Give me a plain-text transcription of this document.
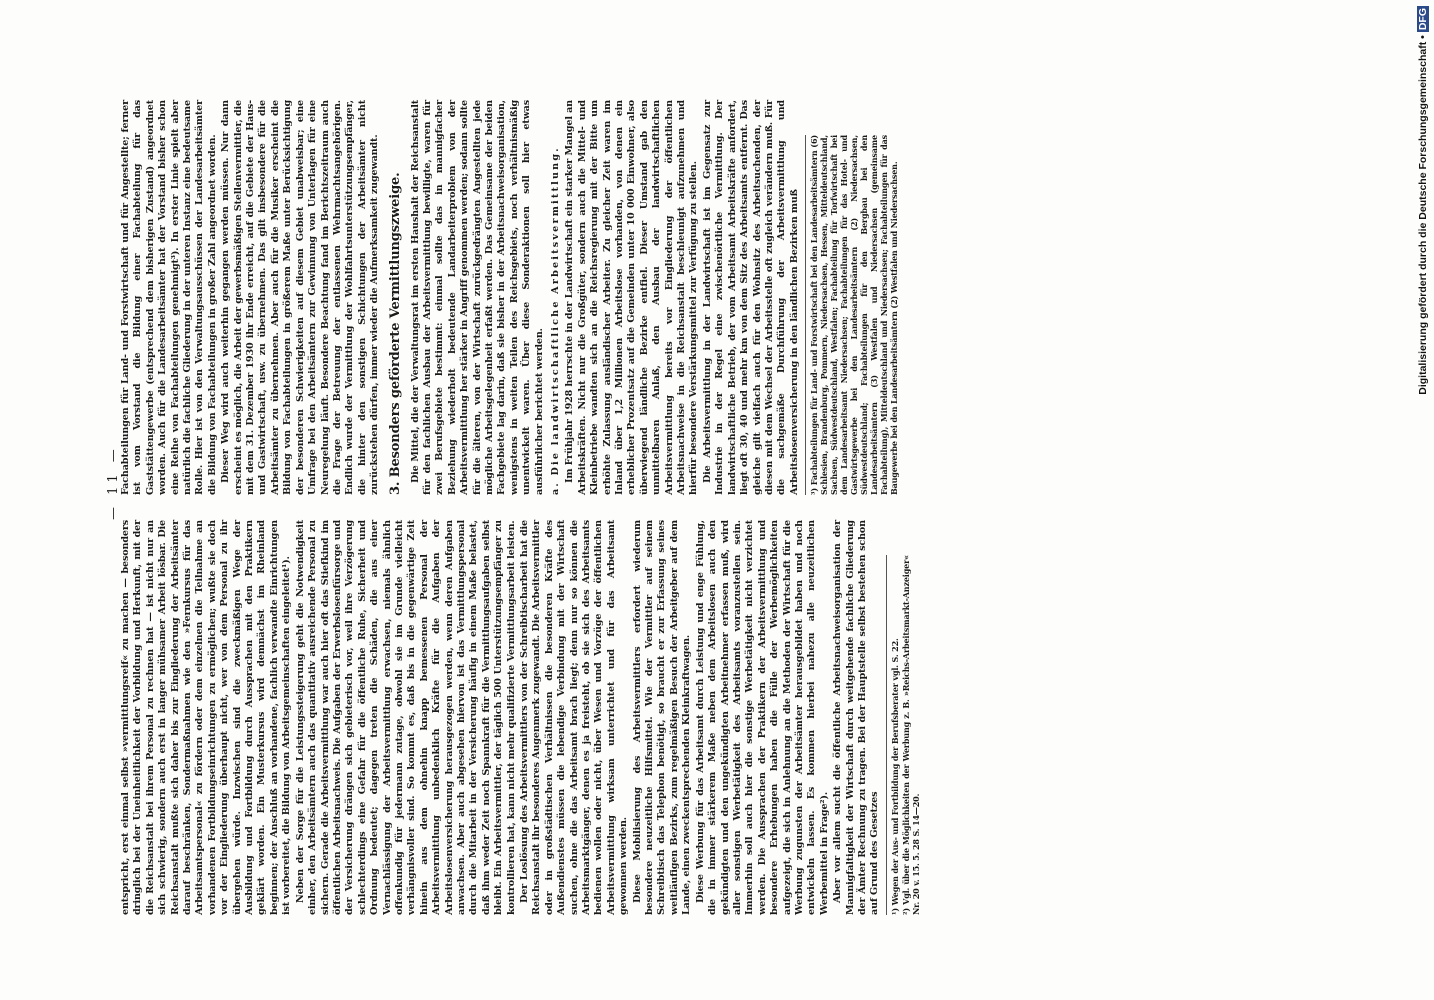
— 11 —

entspricht, erst einmal selbst »vermittlungsreif« zu machen — besonders dringlich bei der Uneinheitlichkeit der Vorbildung und Herkunft, mit der die Reichsanstalt bei ihrem Personal zu rechnen hat — ist nicht nur an sich schwierig, sondern auch erst in langer mühsamer Arbeit lösbar. Die Reichsanstalt mußte sich daher bis zur Eingliederung der Arbeitsämter darauf beschränken, Sondermaßnahmen wie den »Fernkursus für das Arbeitsamtspersonal« zu fördern oder dem einzelnen die Teilnahme an vorhandenen Fortbildungseinrichtungen zu ermöglichen; wußte sie doch vor der Eingliederung überhaupt nicht, wer von dem Personal zu ihr übergehen würde. Inzwischen sind die zweckmäßigen Wege der Ausbildung und Fortbildung durch Aussprachen mit den Praktikern geklärt worden. Ein Musterkursus wird demnächst im Rheinland beginnen; der Anschluß an vorhandene, fachlich verwandte Einrichtungen ist vorbereitet, die Bildung von Arbeitsgemeinschaften eingeleitet¹). Neben der Sorge für die Leistungssteigerung geht die Notwendigkeit einher, den Arbeitsämtern auch das quantitativ ausreichende Personal zu sichern. Gerade die Arbeitsvermittlung war auch hier oft das Stiefkind im öffentlichen Arbeitsnachweis. Die Aufgaben der Erwerbslosenfürsorge und der Versicherung drängen sich gebieterisch vor, weil ihre Verzögerung schlechterdings eine Gefahr für die öffentliche Ruhe, Sicherheit und Ordnung bedeutet; dagegen treten die Schäden, die aus einer Vernachlässigung der Arbeitsvermittlung erwachsen, niemals ähnlich offenkundig für jedermann zutage, obwohl sie im Grunde vielleicht verhängnisvoller sind. So kommt es, daß bis in die gegenwärtige Zeit hinein aus dem ohnehin knapp bemessenen Personal der Arbeitsvermittlung unbedenklich Kräfte für die Aufgaben der Arbeitslosenversicherung herausgezogen werden, wenn deren Aufgaben anwachsen. Aber auch abgesehen hiervon ist das Vermittlungspersonal durch die Mitarbeit in der Versicherung häufig in einem Maße belastet, daß ihm weder Zeit noch Spannkraft für die Vermittlungsaufgaben selbst bleibt. Ein Arbeitsvermittler, der täglich 500 Unterstützungsempfänger zu kontrollieren hat, kann nicht mehr qualifizierte Vermittlungsarbeit leisten. Der Loslösung des Arbeitsvermittlers von der Schreibtischarbeit hat die Reichsanstalt ihr besonderes Augenmerk zugewandt. Die Arbeitsvermittler oder in großstädtischen Verhältnissen die besonderen Kräfte des Außendienstes müssen die lebendige Verbindung mit der Wirtschaft suchen, ohne die das Arbeitsamt brach liegt; denn nur so können die Arbeitsmarktgänger, denen es ja freisteht, ob sie sich des Arbeitsamts bedienen wollen oder nicht, über Wesen und Vorzüge der öffentlichen Arbeitsvermittlung wirksam unterrichtet und für das Arbeitsamt gewonnen werden. Diese Mobilisierung des Arbeitsvermittlers erfordert wiederum besondere neuzeitliche Hilfsmittel. Wie der Vermittler auf seinem Schreibtisch das Telephon benötigt, so braucht er zur Erfassung seines weitläufigen Bezirks, zum regelmäßigen Besuch der Arbeitgeber auf dem Lande, einen zweckentsprechenden Kleinkraftwagen. Diese Werbung für das Arbeitsamt durch Leistung und enge Fühlung, die in immer stärkerem Maße neben dem Arbeitslosen auch den gekündigten und den ungekündigten Arbeitnehmer erfassen muß, wird aller sonstigen Werbetätigkeit des Arbeitsamts voranzustellen sein. Immerhin soll auch hier die sonstige Werbetätigkeit nicht verzichtet werden. Die Aussprachen der Praktikern der Arbeitsvermittlung und besondere Erhebungen haben die Fülle der Werbemöglichkeiten aufgezeigt, die sich in Anlehnung an die Methoden der Wirtschaft für die Werbung zugunsten der Arbeitsämter herausgebildet haben und noch entwickeln lassen. Es kommen hierbei nahezu alle neuzeitlichen Werbemittel in Frage²). Aber vor allem sucht die öffentliche Arbeitsnachweisorganisation der Mannigfaltigkeit der Wirtschaft durch weitgehende fachliche Gliederung der Ämter Rechnung zu tragen. Bei der Hauptstelle selbst bestehen schon auf Grund des Gesetzes ¹) Wegen der Aus- und Fortbildung der Berufsberater vgl. S. 22. ²) Vgl. über die Möglichkeiten der Werbung z. B. »Reichs-Arbeitsmarkt-Anzeiger« Nr. 20 v. 15. 5. 28 S. 14—20.

Fachabteilungen für Land- und Forstwirtschaft und für Angestellte; ferner ist vom Vorstand die Bildung einer Fachabteilung für das Gaststättengewerbe (entsprechend dem bisherigen Zustand) angeordnet worden. Auch für die Landesarbeitsämter hat der Vorstand bisher schon eine Reihe von Fachabteilungen genehmigt³). In erster Linie spielt aber natürlich die fachliche Gliederung in der unteren Instanz eine bedeutsame Rolle. Hier ist von den Verwaltungsausschüssen der Landesarbeitsämter die Bildung von Fachabteilungen in großer Zahl angeordnet worden. Dieser Weg wird auch weiterhin gegangen werden müssen. Nur dann erscheint es möglich, die Arbeit der gewerbsmäßigen Stellenvermittler, die mit dem 31. Dezember 1930 ihr Ende erreicht, auf die Gebiete der Haus- und Gastwirtschaft, usw. zu übernehmen. Das gilt insbesondere für die Arbeitsämter zu übernehmen. Aber auch für die Musiker erscheint die Bildung von Fachabteilungen in größerem Maße unter Berücksichtigung der besonderen Schwierigkeiten auf diesem Gebiet unabweisbar; eine Umfrage bei den Arbeitsämtern zur Gewinnung von Unterlagen für eine Neuregelung läuft. Besondere Beachtung fand im Berichtszeitraum auch die Frage der Betreuung der entlassenen Wehrmachtsangehörigen. Endlich wurde der Vermittlung der Wohlfahrtsunterstützungsempfänger, die hinter den sonstigen Schichtungen der Arbeitsämter nicht zurückstehen dürfen, immer wieder die Aufmerksamkeit zugewandt. 3. Besonders geförderte Vermittlungszweige. Die Mittel, die der Verwaltungsrat im ersten Haushalt der Reichsanstalt für den fachlichen Ausbau der Arbeitsvermittlung bewilligte, waren für zwei Berufsgebiete bestimmt: einmal sollte das in mannigfacher Beziehung wiederholt bedeutende Landarbeiterproblem von der Arbeitsvermittlung her stärker in Angriff genommen werden; sodann sollte für die älteren, von der Wirtschaft zurückgedrängten Angestellten jede mögliche Arbeitsgelegenheit erfaßt werden. Das Gemeinsame der beiden Fachgebiete lag darin, daß sie bisher in der Arbeitsnachweisorganisation, wenigstens in weiten Teilen des Reichsgebiets, noch verhältnismäßig unentwickelt waren. Über diese Sonderaktionen soll hier etwas ausführlicher berichtet werden. a. Die landwirtschaftliche Arbeitsvermittlung. Im Frühjahr 1928 herrschte in der Landwirtschaft ein starker Mangel an Arbeitskräften. Nicht nur die Großgüter, sondern auch die Mittel- und Kleinbetriebe wandten sich an die Reichsregierung mit der Bitte um erhöhte Zulassung ausländischer Arbeiter. Zu gleicher Zeit waren im Inland über 1,2 Millionen Arbeitslose vorhanden, von denen ein erheblicher Prozentsatz auf die Gemeinden unter 10 000 Einwohner, also überwiegend ländliche Bezirke entfiel. Dieser Umstand gab den unmittelbaren Anlaß, den Ausbau der landwirtschaftlichen Arbeitsvermittlung bereits vor Eingliederung der öffentlichen Arbeitsnachweise in die Reichsanstalt beschleunigt aufzunehmen und hierfür besondere Verstärkungsmittel zur Verfügung zu stellen. Die Arbeitsvermittlung in der Landwirtschaft ist im Gegensatz zur Industrie in der Regel eine zwischenörtliche Vermittlung. Der landwirtschaftliche Betrieb, der vom Arbeitsamt Arbeitskräfte anfordert, liegt oft 30, 40 und mehr km von dem Sitz des Arbeitsamts entfernt. Das gleiche gilt vielfach auch für den Wohnsitz des Arbeitsuchenden, der diesen mit dem Wechsel der Arbeitsstelle oft zugleich verändern muß. Für die sachgemäße Durchführung der Arbeitsvermittlung und Arbeitslosenversicherung in den ländlichen Bezirken muß ³) Fachabteilungen für Land- und Forstwirtschaft bei den Landesarbeitsämtern (6) Schlesien, Brandenburg, Pommern, Niedersachsen, Hessen, Mitteldeutschland, Sachsen, Südwestdeutschland, Westfalen; Fachabteilung für Torfwirtschaft bei dem Landesarbeitsamt Niedersachsen; Fachabteilungen für das Hotel- und Gastwirtsgewerbe bei den Landesarbeitsämtern (2) Niedersachsen, Südwestdeutschland; Fachabteilungen für den Bergbau bei den Landesarbeitsämtern (3) Westfalen und Niedersachsen (gemeinsame Fachabteilung), Mitteldeutschland und Niedersachsen; Fachabteilungen für das Baugewerbe bei den Landesarbeitsämtern (2) Westfalen und Niedersachsen.	Digitalisierung gefördert durch die Deutsche Forschungsgemeinschaft •DFG
